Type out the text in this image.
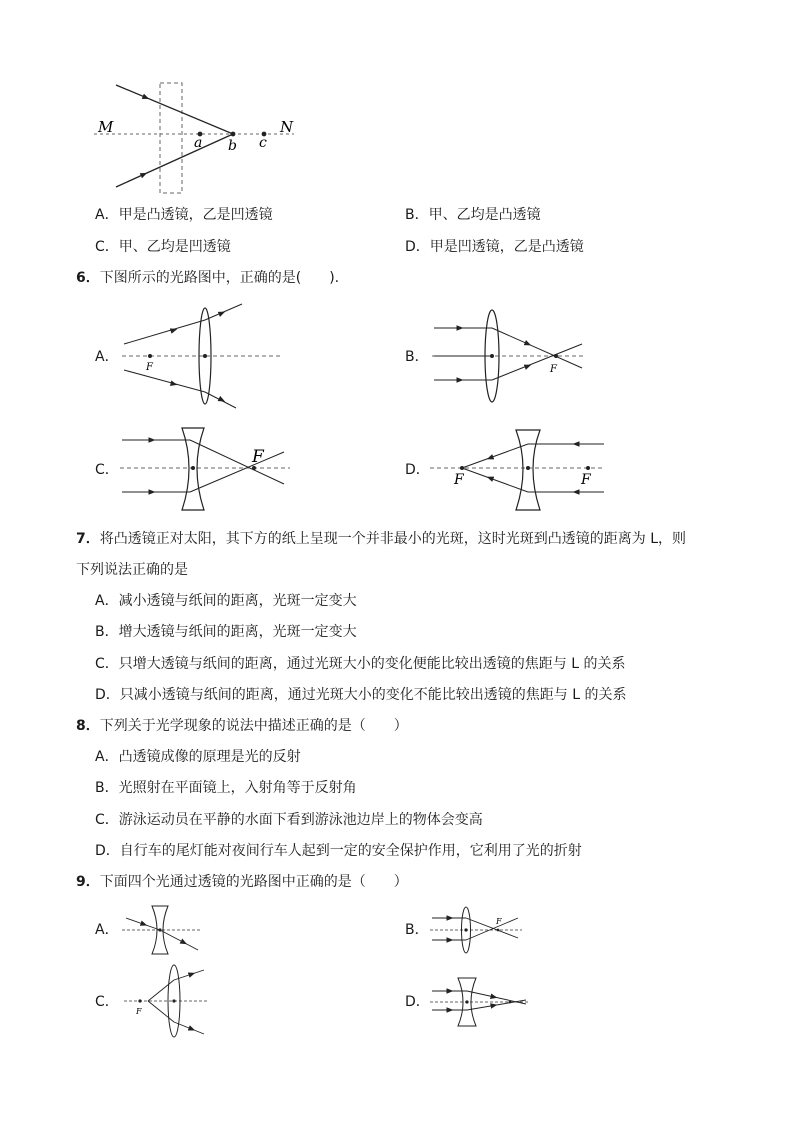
M	N
a b c
A．甲是凸透镜，乙是凹透镜	B．甲、乙均是凸透镜
C．甲、乙均是凹透镜	D．甲是凹透镜，乙是凸透镜
6．下图所示的光路图中，正确的是(　　).
A．
F
B．
F
C．
F
D．
F	F
7．将凸透镜正对太阳，其下方的纸上呈现一个并非最小的光斑，这时光斑到凸透镜的距离为 L，则
下列说法正确的是
A．减小透镜与纸间的距离，光斑一定变大
B．增大透镜与纸间的距离，光斑一定变大
C．只增大透镜与纸间的距离，通过光斑大小的变化便能比较出透镜的焦距与 L 的关系
D．只减小透镜与纸间的距离，通过光斑大小的变化不能比较出透镜的焦距与 L 的关系
8．下列关于光学现象的说法中描述正确的是（　　）
A．凸透镜成像的原理是光的反射
B．光照射在平面镜上，入射角等于反射角
C．游泳运动员在平静的水面下看到游泳池边岸上的物体会变高
D．自行车的尾灯能对夜间行车人起到一定的安全保护作用，它利用了光的折射
9．下面四个光通过透镜的光路图中正确的是（　　）
A．	B．
F
C．
F
D．
